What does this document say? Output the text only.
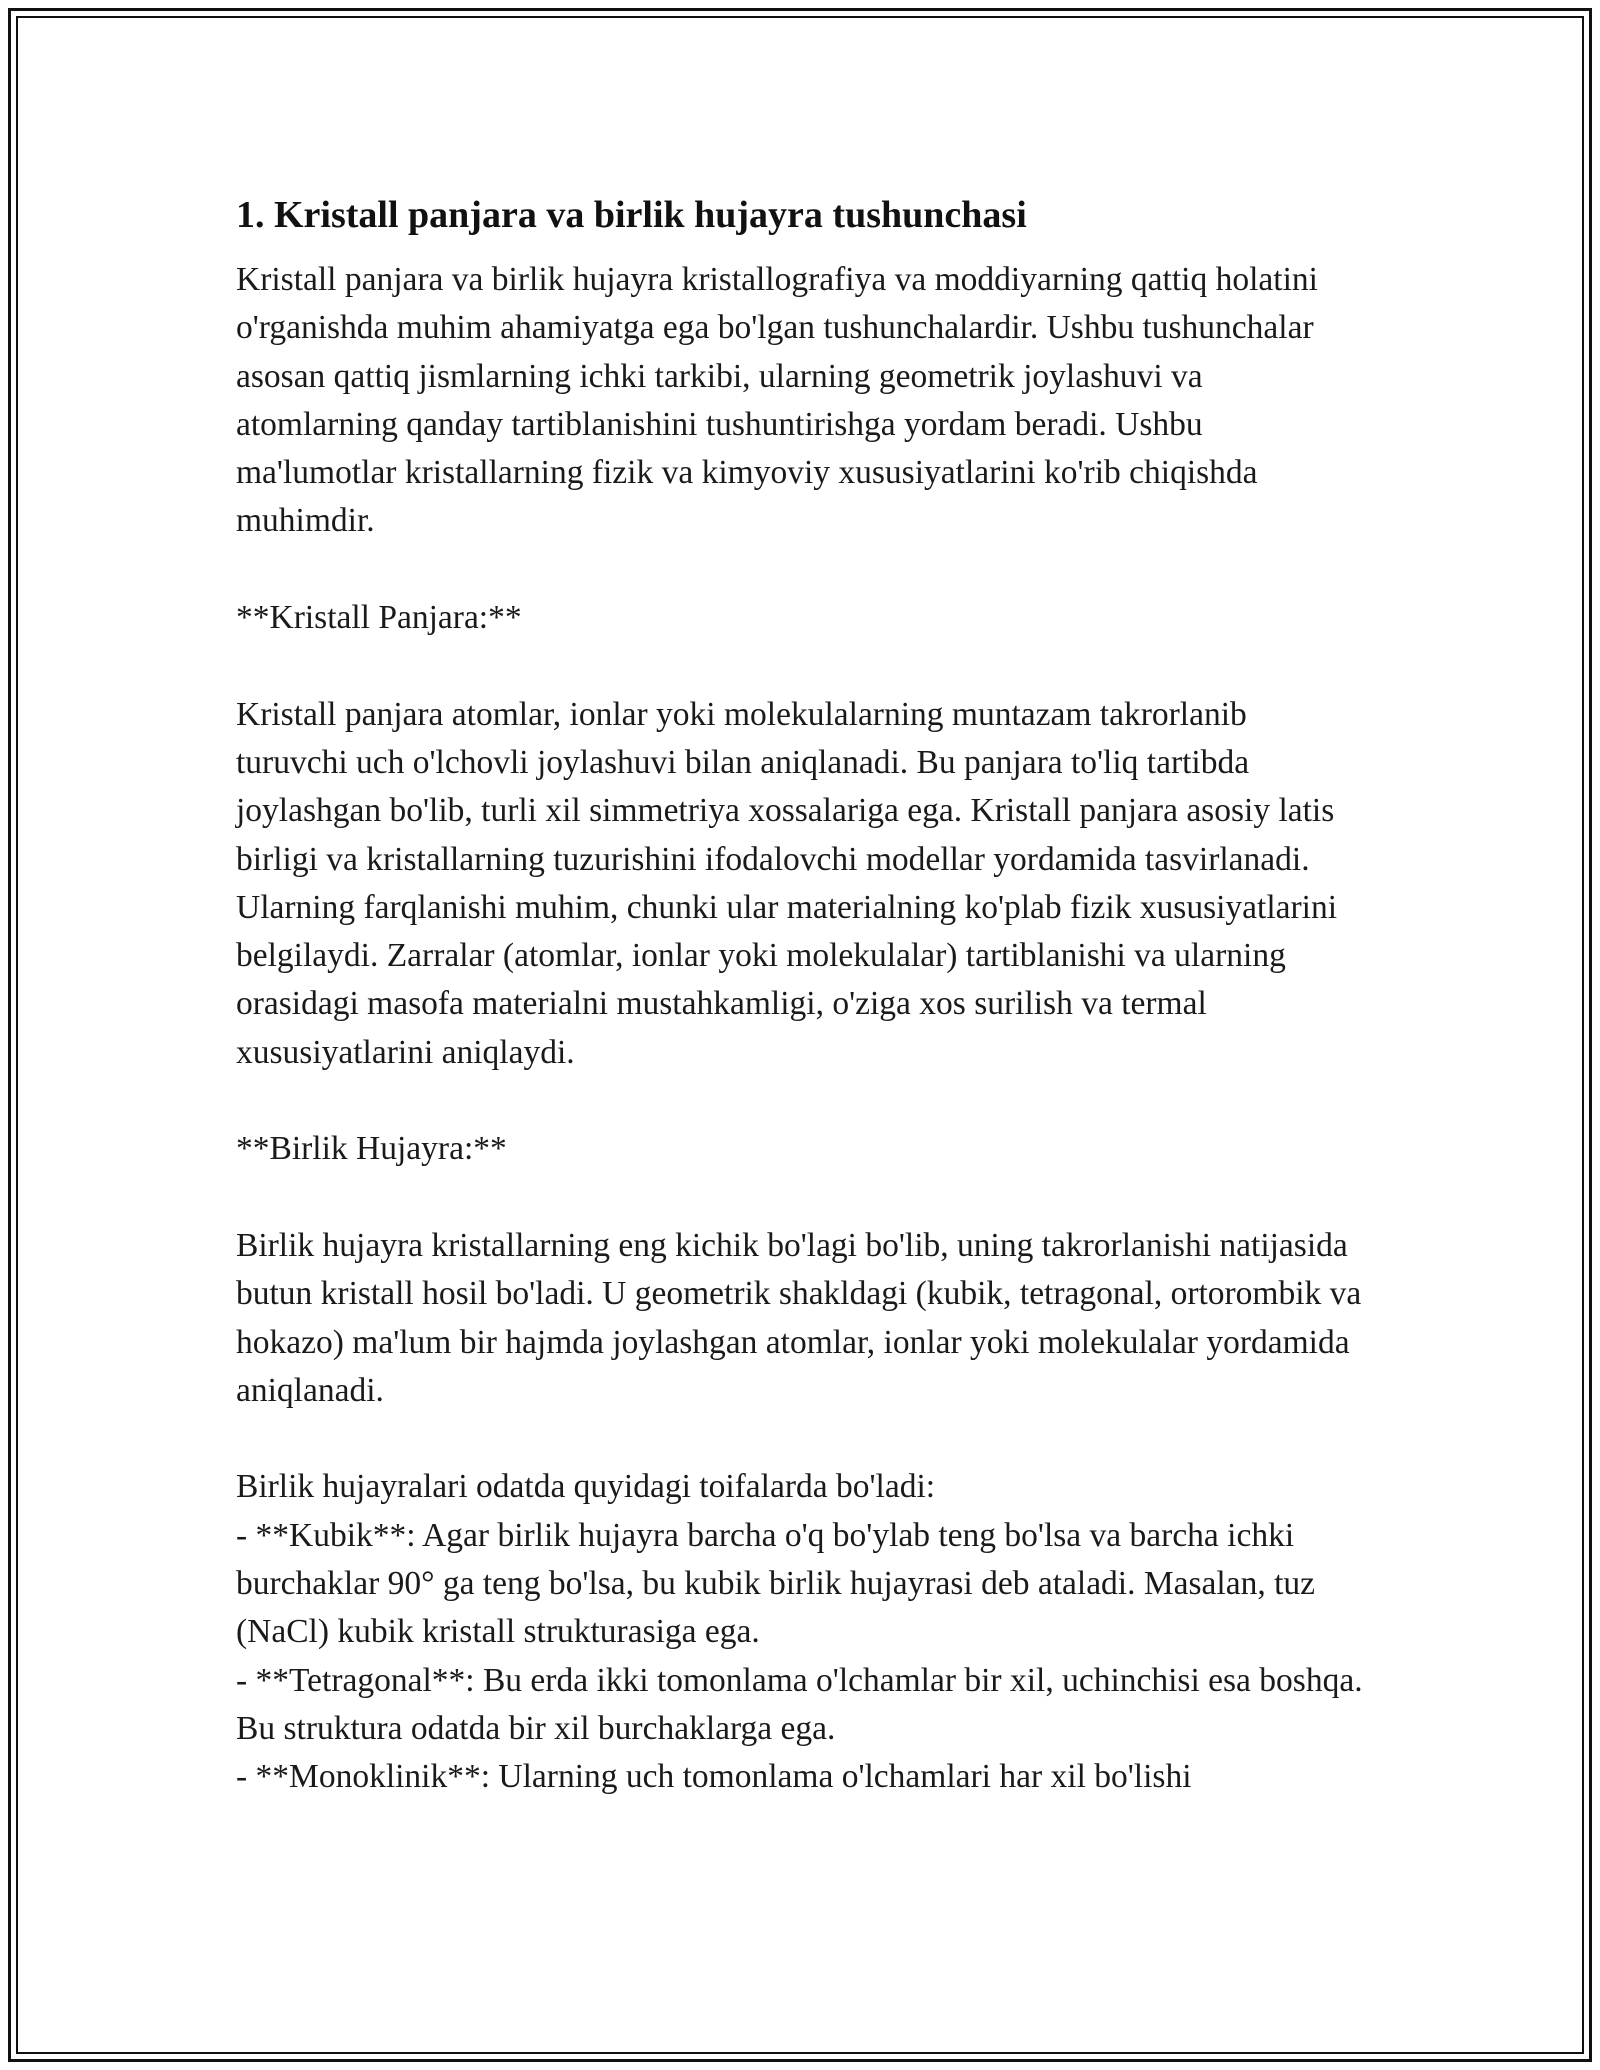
1. Kristall panjara va birlik hujayra tushunchasi

Kristall panjara va birlik hujayra kristallografiya va moddiyarning qattiq holatini o'rganishda muhim ahamiyatga ega bo'lgan tushunchalardir. Ushbu tushunchalar asosan qattiq jismlarning ichki tarkibi, ularning geometrik joylashuvi va atomlarning qanday tartiblanishini tushuntirishga yordam beradi. Ushbu ma'lumotlar kristallarning fizik va kimyoviy xususiyatlarini ko'rib chiqishda muhimdir.

**Kristall Panjara:**

Kristall panjara atomlar, ionlar yoki molekulalarning muntazam takrorlanib turuvchi uch o'lchovli joylashuvi bilan aniqlanadi. Bu panjara to'liq tartibda joylashgan bo'lib, turli xil simmetriya xossalariga ega. Kristall panjara asosiy latis birligi va kristallarning tuzurishini ifodalovchi modellar yordamida tasvirlanadi. Ularning farqlanishi muhim, chunki ular materialning ko'plab fizik xususiyatlarini belgilaydi. Zarralar (atomlar, ionlar yoki molekulalar) tartiblanishi va ularning orasidagi masofa materialni mustahkamligi, o'ziga xos surilish va termal xususiyatlarini aniqlaydi.

**Birlik Hujayra:**

Birlik hujayra kristallarning eng kichik bo'lagi bo'lib, uning takrorlanishi natijasida butun kristall hosil bo'ladi. U geometrik shakldagi (kubik, tetragonal, ortorombik va hokazo) ma'lum bir hajmda joylashgan atomlar, ionlar yoki molekulalar yordamida aniqlanadi.

Birlik hujayralari odatda quyidagi toifalarda bo'ladi:

- **Kubik**: Agar birlik hujayra barcha o'q bo'ylab teng bo'lsa va barcha ichki burchaklar 90° ga teng bo'lsa, bu kubik birlik hujayrasi deb ataladi. Masalan, tuz (NaCl) kubik kristall strukturasiga ega.

- **Tetragonal**: Bu erda ikki tomonlama o'lchamlar bir xil, uchinchisi esa boshqa. Bu struktura odatda bir xil burchaklarga ega.

- **Monoklinik**: Ularning uch tomonlama o'lchamlari har xil bo'lishi
